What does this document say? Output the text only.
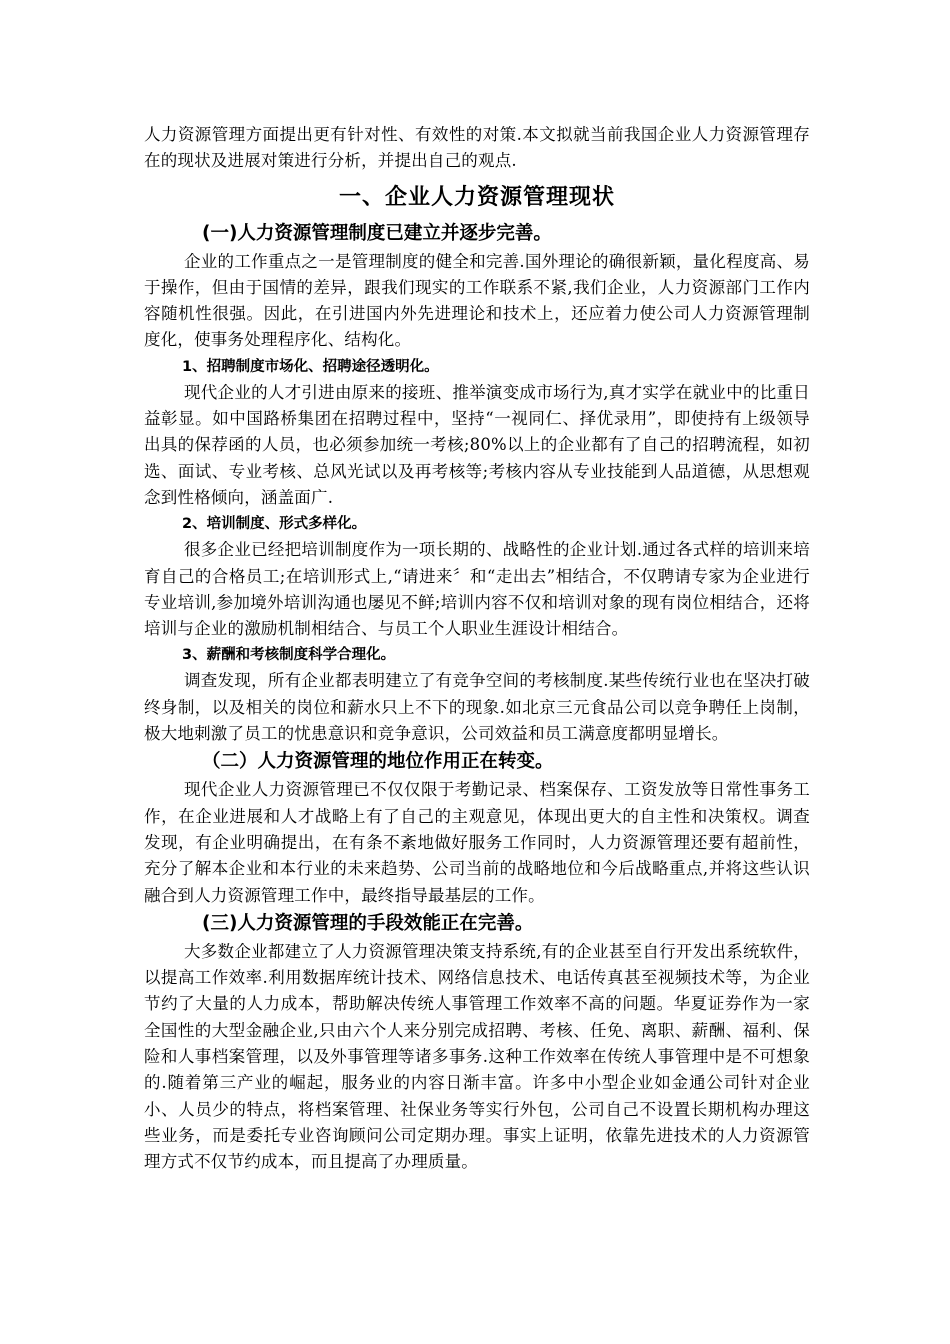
人力资源管理方面提出更有针对性、有效性的对策.本文拟就当前我国企业人力资源管理存在的现状及进展对策进行分析，并提出自己的观点.

一、企业人力资源管理现状
(一)人力资源管理制度已建立并逐步完善。

企业的工作重点之一是管理制度的健全和完善.国外理论的确很新颖，量化程度高、易于操作，但由于国情的差异，跟我们现实的工作联系不紧,我们企业，人力资源部门工作内容随机性很强。因此，在引进国内外先进理论和技术上，还应着力使公司人力资源管理制度化，使事务处理程序化、结构化。

1、招聘制度市场化、招聘途径透明化。

现代企业的人才引进由原来的接班、推举演变成市场行为,真才实学在就业中的比重日益彰显。如中国路桥集团在招聘过程中，坚持“一视同仁、择优录用”，即使持有上级领导出具的保荐函的人员，也必须参加统一考核;80%以上的企业都有了自己的招聘流程，如初选、面试、专业考核、总风光试以及再考核等;考核内容从专业技能到人品道德，从思想观念到性格倾向，涵盖面广.

2、培训制度、形式多样化。

很多企业已经把培训制度作为一项长期的、战略性的企业计划.通过各式样的培训来培育自己的合格员工;在培训形式上,“请进来〞和“走出去”相结合，不仅聘请专家为企业进行专业培训,参加境外培训沟通也屡见不鲜;培训内容不仅和培训对象的现有岗位相结合，还将培训与企业的激励机制相结合、与员工个人职业生涯设计相结合。

3、薪酬和考核制度科学合理化。

调查发现，所有企业都表明建立了有竞争空间的考核制度.某些传统行业也在坚决打破终身制，以及相关的岗位和薪水只上不下的现象.如北京三元食品公司以竞争聘任上岗制，极大地刺激了员工的忧患意识和竞争意识，公司效益和员工满意度都明显增长。

（二）人力资源管理的地位作用正在转变。

现代企业人力资源管理已不仅仅限于考勤记录、档案保存、工资发放等日常性事务工作，在企业进展和人才战略上有了自己的主观意见，体现出更大的自主性和决策权。调查发现，有企业明确提出，在有条不紊地做好服务工作同时，人力资源管理还要有超前性，充分了解本企业和本行业的未来趋势、公司当前的战略地位和今后战略重点,并将这些认识融合到人力资源管理工作中，最终指导最基层的工作。

(三)人力资源管理的手段效能正在完善。

大多数企业都建立了人力资源管理决策支持系统,有的企业甚至自行开发出系统软件，以提高工作效率.利用数据库统计技术、网络信息技术、电话传真甚至视频技术等，为企业节约了大量的人力成本，帮助解决传统人事管理工作效率不高的问题。华夏证券作为一家全国性的大型金融企业,只由六个人来分别完成招聘、考核、任免、离职、薪酬、福利、保险和人事档案管理，以及外事管理等诸多事务.这种工作效率在传统人事管理中是不可想象的.随着第三产业的崛起，服务业的内容日渐丰富。许多中小型企业如金通公司针对企业小、人员少的特点，将档案管理、社保业务等实行外包，公司自己不设置长期机构办理这些业务，而是委托专业咨询顾问公司定期办理。事实上证明，依靠先进技术的人力资源管理方式不仅节约成本，而且提高了办理质量。
